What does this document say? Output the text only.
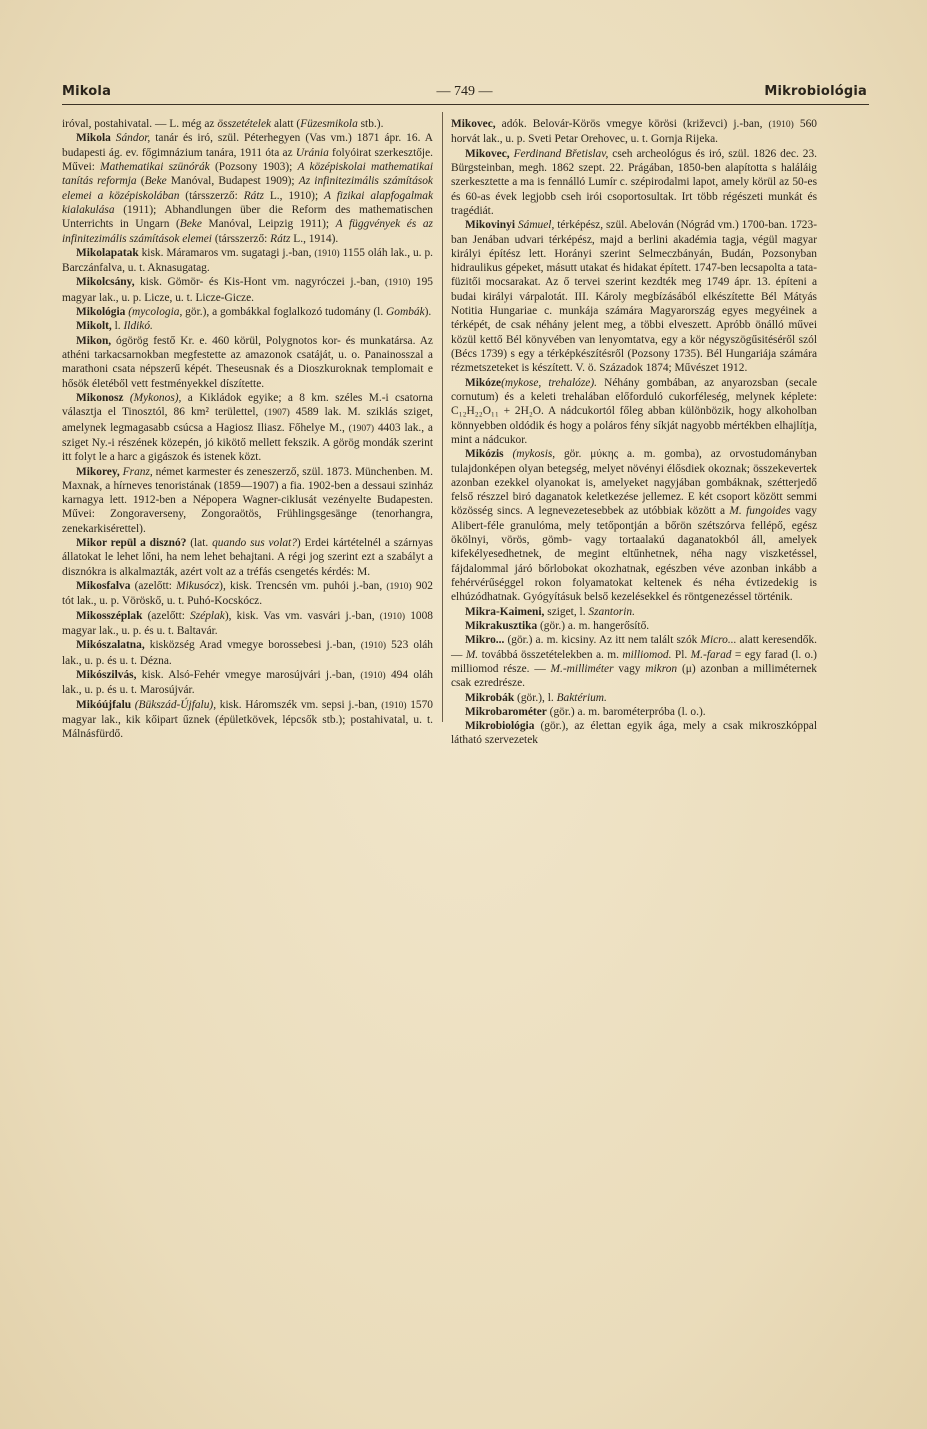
Mikola	— 749 —	Mikrobiológia

iróval, postahivatal. — L. még az összetételek alatt (Füzesmikola stb.).

Mikola Sándor, tanár és iró, szül. Péterhegyen (Vas vm.) 1871 ápr. 16. A budapesti ág. ev. főgimnázium tanára, 1911 óta az Uránia folyóirat szerkesztője. Művei: Mathematikai szünórák (Pozsony 1903); A középiskolai mathematikai tanítás reformja (Beke Manóval, Budapest 1909); Az infinitezimális számítások elemei a középiskolában (társszerző: Rátz L., 1910); A fizikai alapfogalmak kialakulása (1911); Abhandlungen über die Reform des mathematischen Unterrichts in Ungarn (Beke Manóval, Leipzig 1911); A függvények és az infinitezimális számítások elemei (társszerző: Rátz L., 1914).

Mikolapatak kisk. Máramaros vm. sugatagi j.-ban, (1910) 1155 oláh lak., u. p. Barczánfalva, u. t. Aknasugatag.

Mikolcsány, kisk. Gömör- és Kis-Hont vm. nagyróczei j.-ban, (1910) 195 magyar lak., u. p. Licze, u. t. Licze-Gicze.

Mikológia (mycologia, gör.), a gombákkal foglalkozó tudomány (l. Gombák).

Mikolt, l. Ildikó.

Mikon, ógörög festő Kr. e. 460 körül, Polygnotos kor- és munkatársa. Az athéni tarkacsarnokban megfestette az amazonok csatáját, u. o. Panainosszal a marathoni csata népszerű képét. Theseusnak és a Dioszkuroknak templomait e hősök életéből vett festményekkel díszítette.

Mikonosz (Mykonos), a Kikládok egyike; a 8 km. széles M.-i csatorna választja el Tinosztól, 86 km² területtel, (1907) 4589 lak. M. sziklás sziget, amelynek legmagasabb csúcsa a Hagiosz Iliasz. Főhelye M., (1907) 4403 lak., a sziget Ny.-i részének közepén, jó kikötő mellett fekszik. A görög mondák szerint itt folyt le a harc a gigászok és istenek közt.

Mikorey, Franz, német karmester és zeneszerző, szül. 1873. Münchenben. M. Maxnak, a hírneves tenoristának (1859—1907) a fia. 1902-ben a dessaui szinház karnagya lett. 1912-ben a Népopera Wagner-ciklusát vezényelte Budapesten. Művei: Zongoraverseny, Zongoraötös, Frühlingsgesänge (tenorhangra, zenekarkisérettel).

Mikor repül a disznó? (lat. quando sus volat?) Erdei kártételnél a szárnyas állatokat le lehet lőni, ha nem lehet behajtani. A régi jog szerint ezt a szabályt a disznókra is alkalmazták, azért volt az a tréfás csengetés kérdés: M.

Mikosfalva (azelőtt: Mikusócz), kisk. Trencsén vm. puhói j.-ban, (1910) 902 tót lak., u. p. Vöröskő, u. t. Puhó-Kocskócz.

Mikosszéplak (azelőtt: Széplak), kisk. Vas vm. vasvári j.-ban, (1910) 1008 magyar lak., u. p. és u. t. Baltavár.

Mikószalatna, kisközség Arad vmegye borossebesi j.-ban, (1910) 523 oláh lak., u. p. és u. t. Dézna.

Mikószilvás, kisk. Alsó-Fehér vmegye marosújvári j.-ban, (1910) 494 oláh lak., u. p. és u. t. Marosújvár.

Mikóújfalu (Bükszád-Újfalu), kisk. Háromszék vm. sepsi j.-ban, (1910) 1570 magyar lak., kik kőipart űznek (épületkövek, lépcsők stb.); postahivatal, u. t. Málnásfürdő.

Mikovec, adók. Belovár-Körös vmegye körösi (križevci) j.-ban, (1910) 560 horvát lak., u. p. Sveti Petar Orehovec, u. t. Gornja Rijeka.

Mikovec, Ferdinand Břetislav, cseh archeológus és iró, szül. 1826 dec. 23. Bürgsteinban, megh. 1862 szept. 22. Prágában, 1850-ben alapította s haláláig szerkesztette a ma is fennálló Lumír c. szépirodalmi lapot, amely körül az 50-es és 60-as évek legjobb cseh irói csoportosultak. Irt több régészeti munkát és tragédiát.

Mikovinyi Sámuel, térképész, szül. Abelován (Nógrád vm.) 1700-ban. 1723-ban Jenában udvari térképész, majd a berlini akadémia tagja, végül magyar királyi építész lett. Horányi szerint Selmeczbányán, Budán, Pozsonyban hidraulikus gépeket, másutt utakat és hidakat épített. 1747-ben lecsapolta a tata-füzitői mocsarakat. Az ő tervei szerint kezdték meg 1749 ápr. 13. építeni a budai királyi várpalotát. III. Károly megbízásából elkészítette Bél Mátyás Notitia Hungariae c. munkája számára Magyarország egyes megyéinek a térképét, de csak néhány jelent meg, a többi elveszett. Apróbb önálló művei közül kettő Bél könyvében van lenyomtatva, egy a kör négyszögűsitéséről szól (Bécs 1739) s egy a térképkészítésről (Pozsony 1735). Bél Hungariája számára rézmetszeteket is készített. V. ö. Századok 1874; Művészet 1912.

Mikóze(mykose, trehalóze). Néhány gombában, az anyarozsban (secale cornutum) és a keleti trehalában előforduló cukorféleség, melynek képlete: C₁₂H₂₂O₁₁ + 2H₂O. A nádcukortól főleg abban különbözik, hogy alkoholban könnyebben oldódik és hogy a poláros fény síkját nagyobb mértékben elhajlítja, mint a nádcukor.

Mikózis (mykosis, gör. μύκης a. m. gomba), az orvostudományban tulajdonképen olyan betegség, melyet növényi élősdiek okoznak; összekevertek azonban ezekkel olyanokat is, amelyeket nagyjában gombáknak, szétterjedő felső részzel biró daganatok keletkezése jellemez. E két csoport között semmi közösség sincs. A legnevezetesebbek az utóbbiak között a M. fungoides vagy Alibert-féle granulóma, mely tetőpontján a bőrön szétszórva fellépő, egész ökölnyi, vörös, gömb- vagy tortaalakú daganatokból áll, amelyek kifekélyesedhetnek, de megint eltűnhetnek, néha nagy viszketéssel, fájdalommal járó bőrlobokat okozhatnak, egészben véve azonban inkább a fehérvérűséggel rokon folyamatokat keltenek és néha évtizedekig is elhúzódhatnak. Gyógyításuk belső kezelésekkel és röntgenezéssel történik.

Mikra-Kaimeni, sziget, l. Szantorin.

Mikrakusztika (gör.) a. m. hangerősítő.

Mikro... (gör.) a. m. kicsiny. Az itt nem talált szók Micro... alatt keresendők. — M. továbbá összetételekben a. m. milliomod. Pl. M.-farad = egy farad (l. o.) milliomod része. — M.-milliméter vagy mikron (μ) azonban a milliméternek csak ezredrésze.

Mikrobák (gör.), l. Baktérium.

Mikrobarométer (gör.) a. m. barométerpróba (l. o.).

Mikrobiológia (gör.), az élettan egyik ága, mely a csak mikroszkóppal látható szervezetek
